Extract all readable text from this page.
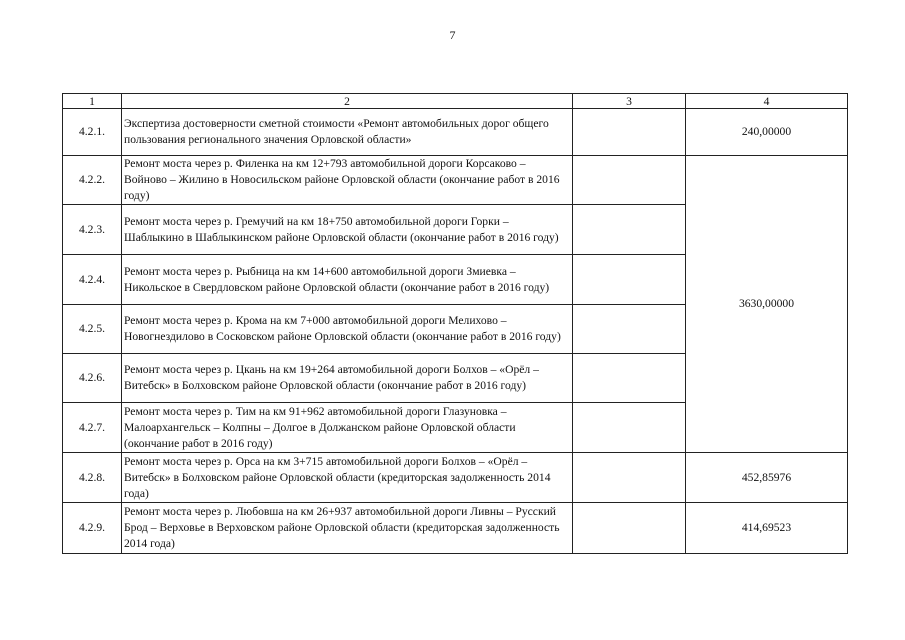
7
1	2	3	4
4.2.1.	Экспертиза достоверности сметной стоимости «Ремонт автомобильных дорог общего пользования регионального значения Орловской области»		240,00000
4.2.2.	Ремонт моста через р. Филенка на км 12+793 автомобильной дороги Корсаково – Войново – Жилино в Новосильском районе Орловской области (окончание работ в 2016 году)		3630,00000
4.2.3.	Ремонт моста через р. Гремучий на км 18+750 автомобильной дороги Горки – Шаблыкино в Шаблыкинском районе Орловской области (окончание работ в 2016 году)		
4.2.4.	Ремонт моста через р. Рыбница на км 14+600 автомобильной дороги Змиевка – Никольское в Свердловском районе Орловской области (окончание работ в 2016 году)		
4.2.5.	Ремонт моста через р. Крома на км 7+000 автомобильной дороги Мелихово – Новогнездилово в Сосковском районе Орловской области (окончание работ в 2016 году)		
4.2.6.	Ремонт моста через р. Цкань на км 19+264 автомобильной дороги Болхов – «Орёл – Витебск» в Болховском районе Орловской области (окончание работ в 2016 году)		
4.2.7.	Ремонт моста через р. Тим на км 91+962 автомобильной дороги Глазуновка – Малоархангельск – Колпны – Долгое в Должанском районе Орловской области (окончание работ в 2016 году)		
4.2.8.	Ремонт моста через р. Орса на км 3+715 автомобильной дороги Болхов – «Орёл – Витебск» в Болховском районе Орловской области (кредиторская задолженность 2014 года)		452,85976
4.2.9.	Ремонт моста через р. Любовша на км 26+937 автомобильной дороги Ливны – Русский Брод – Верховье в Верховском районе Орловской области (кредиторская задолженность 2014 года)		414,69523
